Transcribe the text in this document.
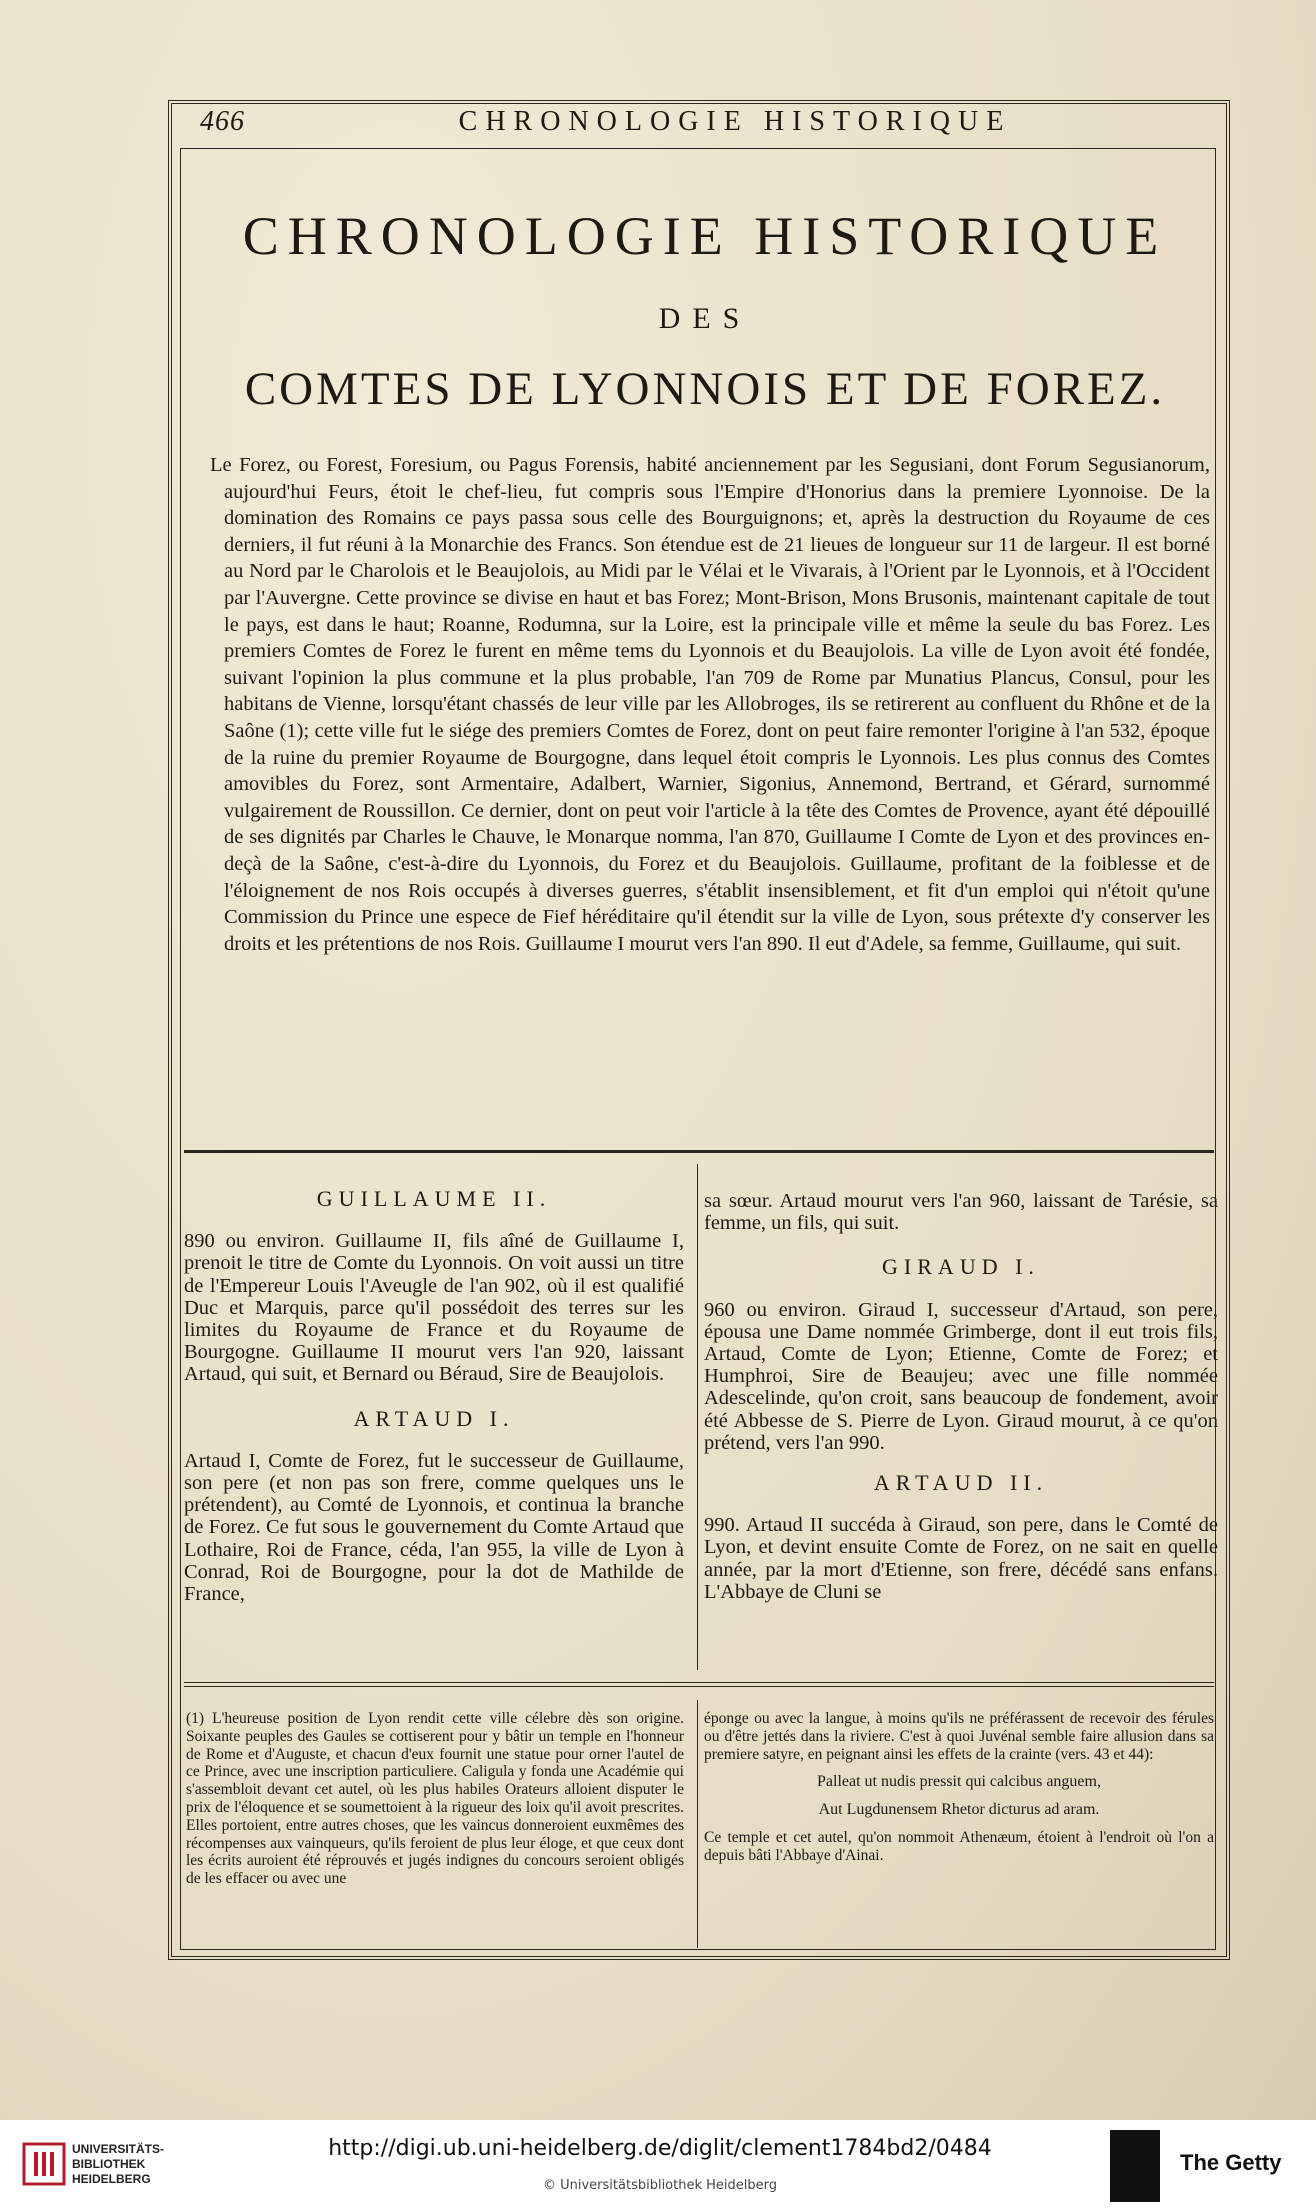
466	CHRONOLOGIE HISTORIQUE
CHRONOLOGIE HISTORIQUE
DES
COMTES DE LYONNOIS ET DE FOREZ.

Le Forez, ou Forest, Foresium, ou Pagus Forensis, habité anciennement par les Segusiani, dont Forum Segusianorum, aujourd'hui Feurs, étoit le chef-lieu, fut compris sous l'Empire d'Honorius dans la premiere Lyonnoise. De la domination des Romains ce pays passa sous celle des Bourguignons; et, après la destruction du Royaume de ces derniers, il fut réuni à la Monarchie des Francs. Son étendue est de 21 lieues de longueur sur 11 de largeur. Il est borné au Nord par le Charolois et le Beaujolois, au Midi par le Vélai et le Vivarais, à l'Orient par le Lyonnois, et à l'Occident par l'Auvergne. Cette province se divise en haut et bas Forez; Mont-Brison, Mons Brusonis, maintenant capitale de tout le pays, est dans le haut; Roanne, Rodumna, sur la Loire, est la principale ville et même la seule du bas Forez. Les premiers Comtes de Forez le furent en même tems du Lyonnois et du Beaujolois. La ville de Lyon avoit été fondée, suivant l'opinion la plus commune et la plus probable, l'an 709 de Rome par Munatius Plancus, Consul, pour les habitans de Vienne, lorsqu'étant chassés de leur ville par les Allobroges, ils se retirerent au confluent du Rhône et de la Saône (1); cette ville fut le siége des premiers Comtes de Forez, dont on peut faire remonter l'origine à l'an 532, époque de la ruine du premier Royaume de Bourgogne, dans lequel étoit compris le Lyonnois. Les plus connus des Comtes amovibles du Forez, sont Armentaire, Adalbert, Warnier, Sigonius, Annemond, Bertrand, et Gérard, surnommé vulgairement de Roussillon. Ce dernier, dont on peut voir l'article à la tête des Comtes de Provence, ayant été dépouillé de ses dignités par Charles le Chauve, le Monarque nomma, l'an 870, Guillaume I Comte de Lyon et des provinces en-deçà de la Saône, c'est-à-dire du Lyonnois, du Forez et du Beaujolois. Guillaume, profitant de la foiblesse et de l'éloignement de nos Rois occupés à diverses guerres, s'établit insensiblement, et fit d'un emploi qui n'étoit qu'une Commission du Prince une espece de Fief héréditaire qu'il étendit sur la ville de Lyon, sous prétexte d'y conserver les droits et les prétentions de nos Rois. Guillaume I mourut vers l'an 890. Il eut d'Adele, sa femme, Guillaume, qui suit.

GUILLAUME II.

890 ou environ. Guillaume II, fils aîné de Guillaume I, prenoit le titre de Comte du Lyonnois. On voit aussi un titre de l'Empereur Louis l'Aveugle de l'an 902, où il est qualifié Duc et Marquis, parce qu'il possédoit des terres sur les limites du Royaume de France et du Royaume de Bourgogne. Guillaume II mourut vers l'an 920, laissant Artaud, qui suit, et Bernard ou Béraud, Sire de Beaujolois.

ARTAUD I.

Artaud I, Comte de Forez, fut le successeur de Guillaume, son pere (et non pas son frere, comme quelques uns le prétendent), au Comté de Lyonnois, et continua la branche de Forez. Ce fut sous le gouvernement du Comte Artaud que Lothaire, Roi de France, céda, l'an 955, la ville de Lyon à Conrad, Roi de Bourgogne, pour la dot de Mathilde de France,

sa sœur. Artaud mourut vers l'an 960, laissant de Tarésie, sa femme, un fils, qui suit.

GIRAUD I.

960 ou environ. Giraud I, successeur d'Artaud, son pere, épousa une Dame nommée Grimberge, dont il eut trois fils, Artaud, Comte de Lyon; Etienne, Comte de Forez; et Humphroi, Sire de Beaujeu; avec une fille nommée Adescelinde, qu'on croit, sans beaucoup de fondement, avoir été Abbesse de S. Pierre de Lyon. Giraud mourut, à ce qu'on prétend, vers l'an 990.

ARTAUD II.

990. Artaud II succéda à Giraud, son pere, dans le Comté de Lyon, et devint ensuite Comte de Forez, on ne sait en quelle année, par la mort d'Etienne, son frere, décédé sans enfans. L'Abbaye de Cluni se

(1) L'heureuse position de Lyon rendit cette ville célebre dès son origine. Soixante peuples des Gaules se cottiserent pour y bâtir un temple en l'honneur de Rome et d'Auguste, et chacun d'eux fournit une statue pour orner l'autel de ce Prince, avec une inscription particuliere. Caligula y fonda une Académie qui s'assembloit devant cet autel, où les plus habiles Orateurs alloient disputer le prix de l'éloquence et se soumettoient à la rigueur des loix qu'il avoit prescrites. Elles portoient, entre autres choses, que les vaincus donneroient euxmêmes des récompenses aux vainqueurs, qu'ils feroient de plus leur éloge, et que ceux dont les écrits auroient été réprouvés et jugés indignes du concours seroient obligés de les effacer ou avec une

éponge ou avec la langue, à moins qu'ils ne préférassent de recevoir des férules ou d'être jettés dans la riviere. C'est à quoi Juvénal semble faire allusion dans sa premiere satyre, en peignant ainsi les effets de la crainte (vers. 43 et 44):

Palleat ut nudis pressit qui calcibus anguem,

Aut Lugdunensem Rhetor dicturus ad aram.

Ce temple et cet autel, qu'on nommoit Athenæum, étoient à l'endroit où l'on a depuis bâti l'Abbaye d'Ainai.

UNIVERSITÄTS-
BIBLIOTHEK
HEIDELBERG
http://digi.ub.uni-heidelberg.de/diglit/clement1784bd2/0484
© Universitätsbibliothek Heidelberg
The Getty
